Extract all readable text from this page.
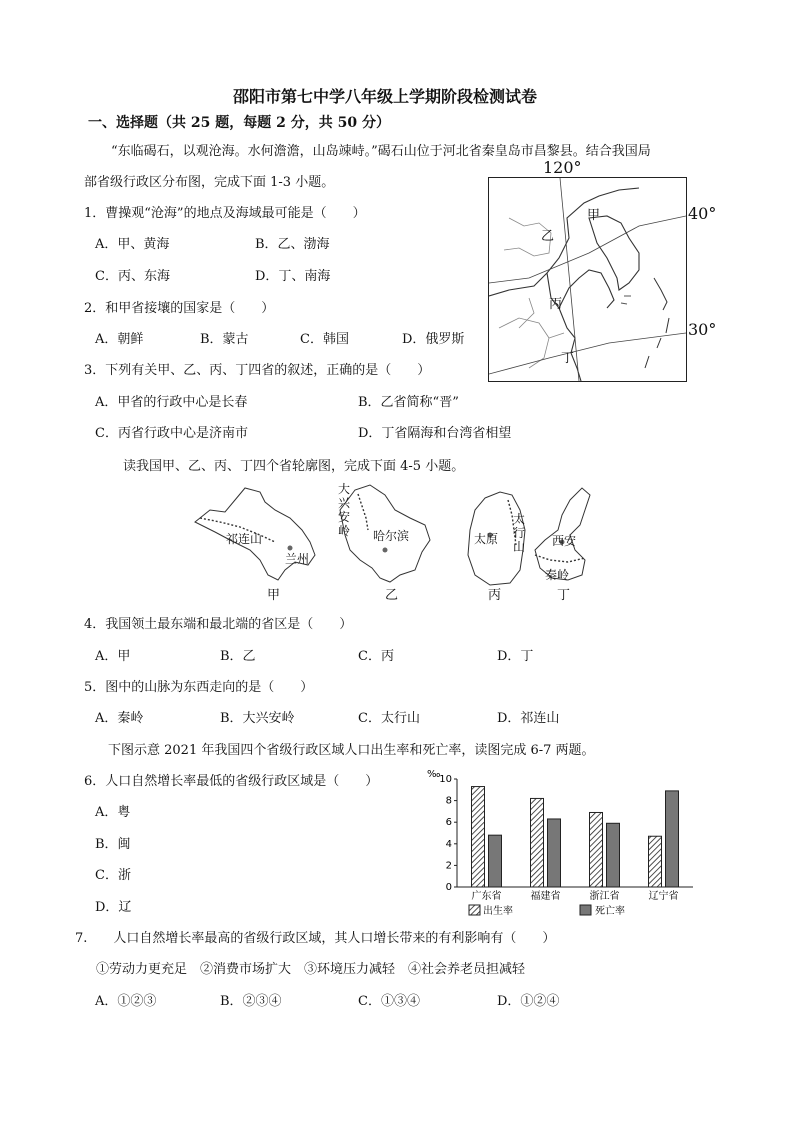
邵阳市第七中学八年级上学期阶段检测试卷
一、选择题（共 25 题，每题 2 分，共 50 分）
“东临碣石，以观沧海。水何澹澹，山岛竦峙。”碣石山位于河北省秦皇岛市昌黎县。结合我国局
部省级行政区分布图，完成下面 1-3 小题。
甲
乙
丙
丁
120°
40°
30°
1．曹操观“沧海”的地点及海域最可能是（　　）
A．甲、黄海	B．乙、渤海
C．丙、东海	D．丁、南海
2．和甲省接壤的国家是（　　）
A．朝鲜	B．蒙古	C．韩国	D．俄罗斯
3．下列有关甲、乙、丙、丁四省的叙述，正确的是（　　）
A．甲省的行政中心是长春	B．乙省简称“晋”
C．丙省行政中心是济南市	D．丁省隔海和台湾省相望
读我国甲、乙、丙、丁四个省轮廓图，完成下面 4-5 小题。
祁连山
兰州
大
兴
安
岭 哈尔滨
太
行
山
太原	西安
秦岭
甲	乙	丙	丁
4．我国领土最东端和最北端的省区是（　　）
A．甲	B．乙	C．丙	D．丁
5．图中的山脉为东西走向的是（　　）
A．秦岭	B．大兴安岭	C．太行山	D．祁连山
下图示意 2021 年我国四个省级行政区域人口出生率和死亡率，读图完成 6-7 两题。
6．人口自然增长率最低的省级行政区域是（　　）
A．粤
B．闽
C．浙
D．辽
‰
0
2
4
6
8
10
广东省	福建省	浙江省	辽宁省
出生率	死亡率
7.　　人口自然增长率最高的省级行政区域，其人口增长带来的有利影响有（　　）
①劳动力更充足　②消费市场扩大　③环境压力减轻　④社会养老员担减轻
A．①②③	B．②③④	C．①③④	D．①②④
